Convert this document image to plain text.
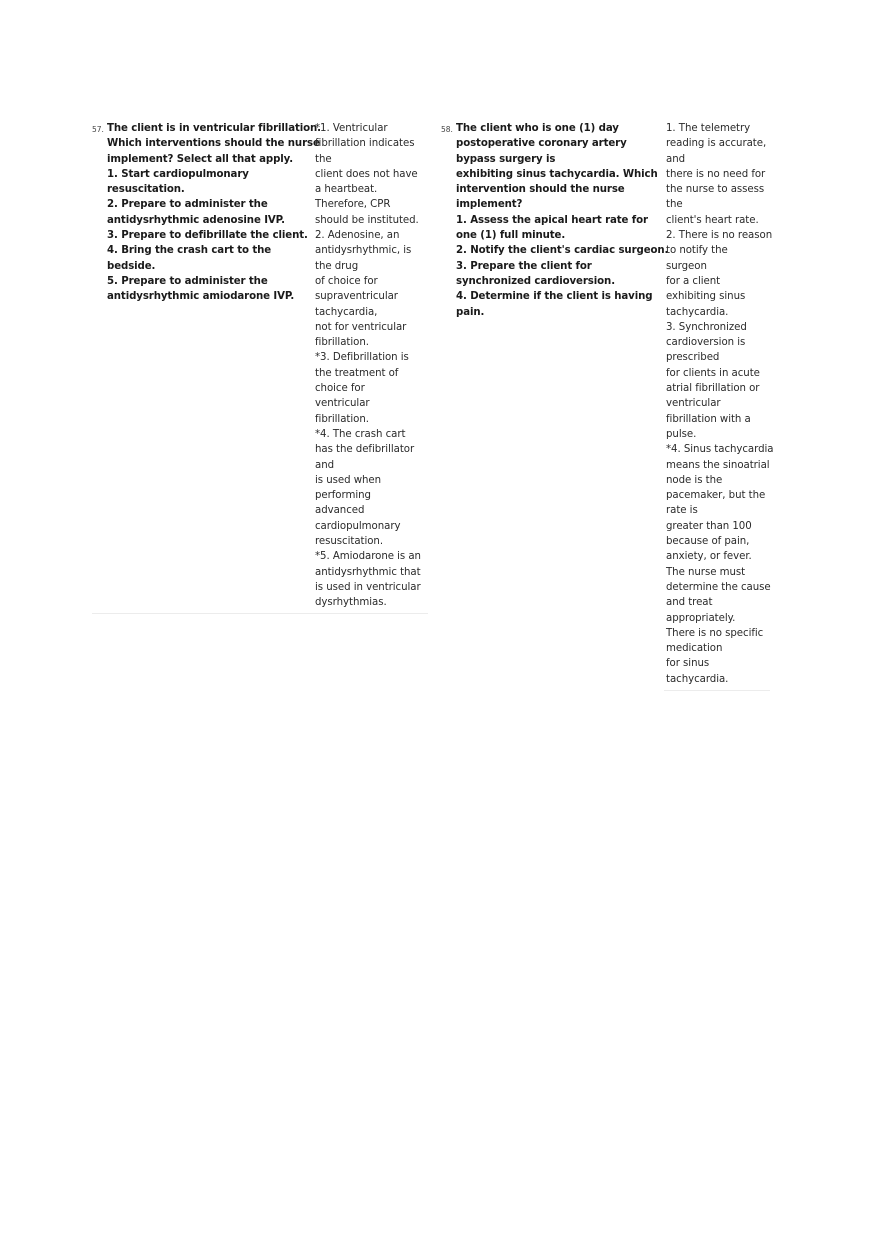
57. The client is in ventricular fibrillation.
Which interventions should the nurse
implement? Select all that apply.
1. Start cardiopulmonary
resuscitation.
2. Prepare to administer the
antidysrhythmic adenosine IVP.
3. Prepare to defibrillate the client.
4. Bring the crash cart to the
bedside.
5. Prepare to administer the
antidysrhythmic amiodarone IVP.
*1. Ventricular
fibrillation indicates
the
client does not have
a heartbeat.
Therefore, CPR
should be instituted.
2. Adenosine, an
antidysrhythmic, is
the drug
of choice for
supraventricular
tachycardia,
not for ventricular
fibrillation.
*3. Defibrillation is
the treatment of
choice for
ventricular
fibrillation.
*4. The crash cart
has the defibrillator
and
is used when
performing
advanced
cardiopulmonary
resuscitation.
*5. Amiodarone is an
antidysrhythmic that
is used in ventricular
dysrhythmias.
58. The client who is one (1) day
postoperative coronary artery
bypass surgery is
exhibiting sinus tachycardia. Which
intervention should the nurse
implement?
1. Assess the apical heart rate for
one (1) full minute.
2. Notify the client's cardiac surgeon.
3. Prepare the client for
synchronized cardioversion.
4. Determine if the client is having
pain.
1. The telemetry
reading is accurate,
and
there is no need for
the nurse to assess
the
client's heart rate.
2. There is no reason
to notify the
surgeon
for a client
exhibiting sinus
tachycardia.
3. Synchronized
cardioversion is
prescribed
for clients in acute
atrial fibrillation or
ventricular
fibrillation with a
pulse.
*4. Sinus tachycardia
means the sinoatrial
node is the
pacemaker, but the
rate is
greater than 100
because of pain,
anxiety, or fever.
The nurse must
determine the cause
and treat
appropriately.
There is no specific
medication
for sinus
tachycardia.
